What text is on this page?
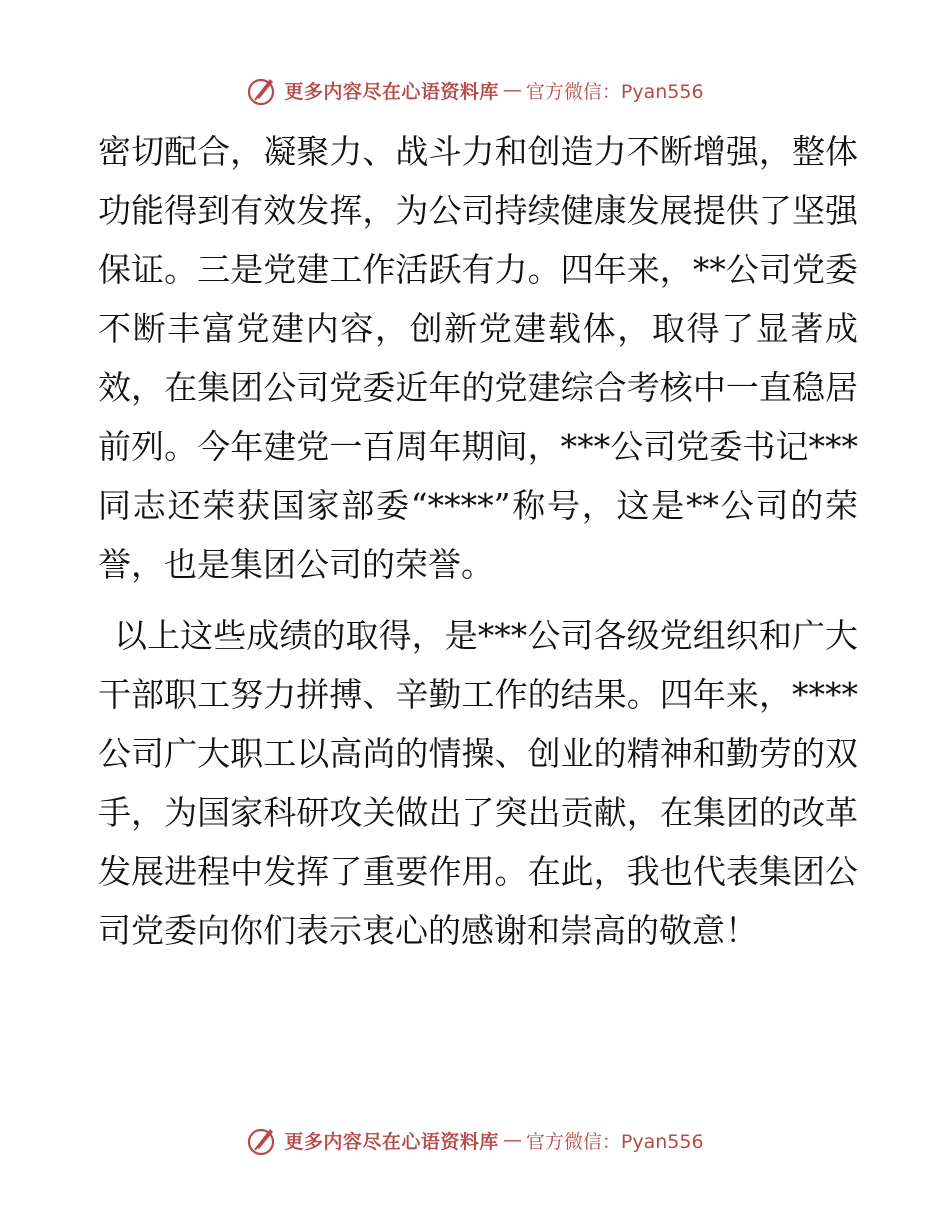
更多内容尽在心语资料库 — 官方微信：Pyan556

密切配合，凝聚力、战斗力和创造力不断增强，整体功能得到有效发挥，为公司持续健康发展提供了坚强保证。三是党建工作活跃有力。四年来，**公司党委不断丰富党建内容，创新党建载体，取得了显著成效，在集团公司党委近年的党建综合考核中一直稳居前列。今年建党一百周年期间，***公司党委书记***同志还荣获国家部委“****”称号，这是**公司的荣誉，也是集团公司的荣誉。

以上这些成绩的取得，是***公司各级党组织和广大干部职工努力拼搏、辛勤工作的结果。四年来，****公司广大职工以高尚的情操、创业的精神和勤劳的双手，为国家科研攻关做出了突出贡献，在集团的改革发展进程中发挥了重要作用。在此，我也代表集团公司党委向你们表示衷心的感谢和崇高的敬意！

更多内容尽在心语资料库 — 官方微信：Pyan556
